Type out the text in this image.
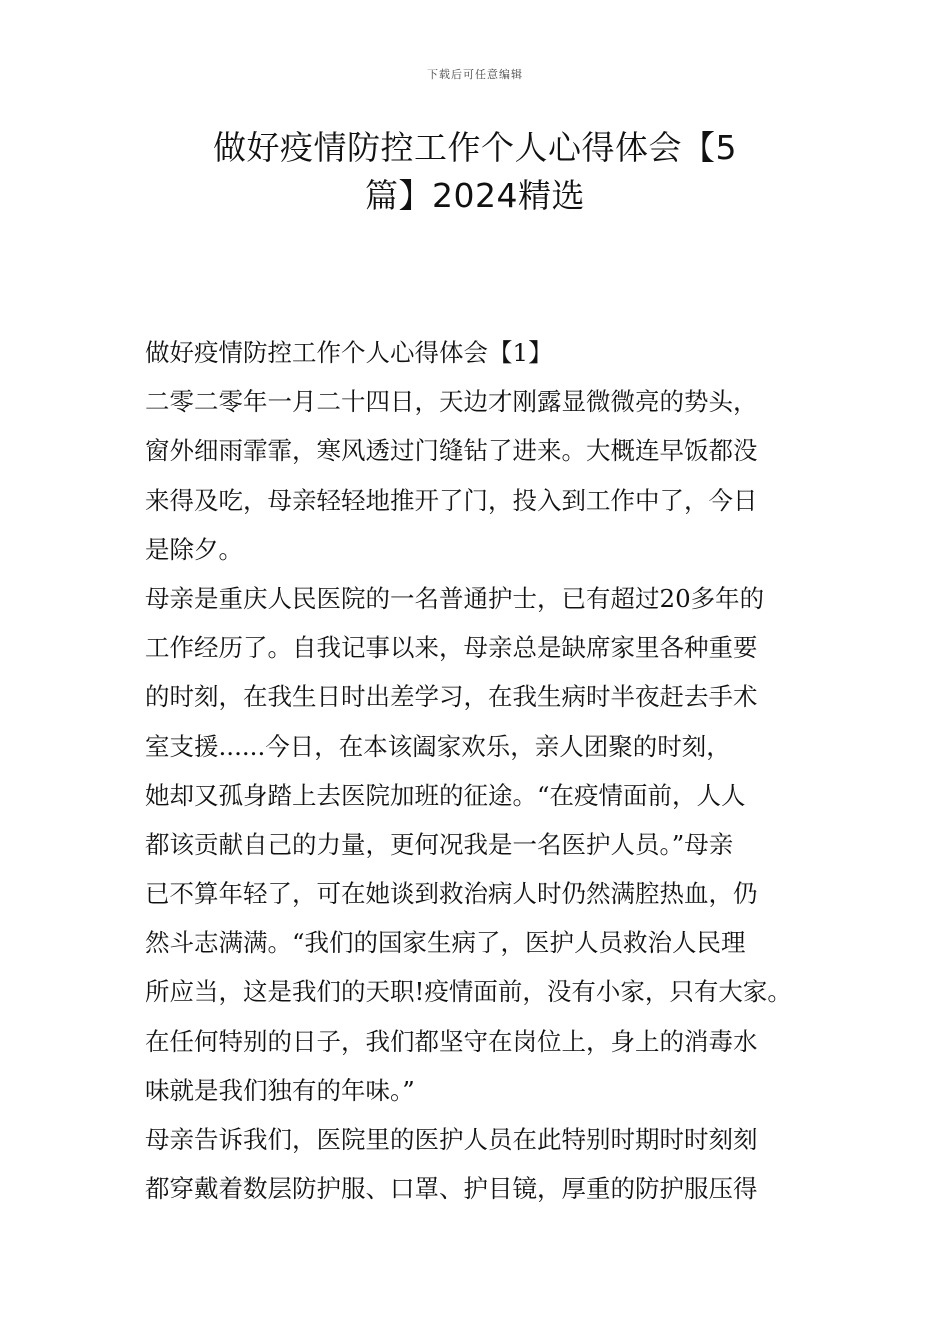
下载后可任意编辑
做好疫情防控工作个人心得体会【5
篇】2024精选
做好疫情防控工作个人心得体会【1】
二零二零年一月二十四日，天边才刚露显微微亮的势头，
窗外细雨霏霏，寒风透过门缝钻了进来。大概连早饭都没
来得及吃，母亲轻轻地推开了门，投入到工作中了，今日
是除夕。
母亲是重庆人民医院的一名普通护士，已有超过20多年的
工作经历了。自我记事以来，母亲总是缺席家里各种重要
的时刻，在我生日时出差学习，在我生病时半夜赶去手术
室支援......今日，在本该阖家欢乐，亲人团聚的时刻，
她却又孤身踏上去医院加班的征途。“在疫情面前，人人
都该贡献自己的力量，更何况我是一名医护人员。”母亲
已不算年轻了，可在她谈到救治病人时仍然满腔热血，仍
然斗志满满。“我们的国家生病了，医护人员救治人民理
所应当，这是我们的天职!疫情面前，没有小家，只有大家。
在任何特别的日子，我们都坚守在岗位上，身上的消毒水
味就是我们独有的年味。”
母亲告诉我们，医院里的医护人员在此特别时期时时刻刻
都穿戴着数层防护服、口罩、护目镜，厚重的防护服压得
